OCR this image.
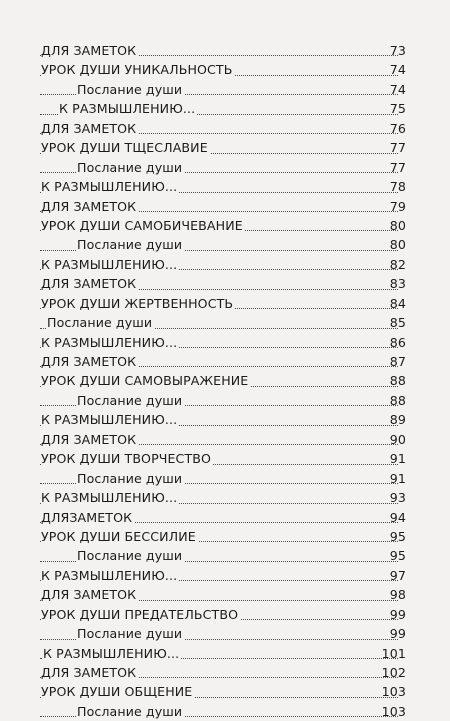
ДЛЯ ЗАМЕТОК	73
УРОК ДУШИ УНИКАЛЬНОСТЬ	74
Послание души	74
К РАЗМЫШЛЕНИЮ...	75
ДЛЯ ЗАМЕТОК	76
УРОК ДУШИ ТЩЕСЛАВИЕ	77
Послание души	77
К РАЗМЫШЛЕНИЮ...	78
ДЛЯ ЗАМЕТОК	79
УРОК ДУШИ САМОБИЧЕВАНИЕ	80
Послание души	80
К РАЗМЫШЛЕНИЮ...	82
ДЛЯ ЗАМЕТОК	83
УРОК ДУШИ ЖЕРТВЕННОСТЬ	84
Послание души	85
К РАЗМЫШЛЕНИЮ...	86
ДЛЯ ЗАМЕТОК	87
УРОК ДУШИ САМОВЫРАЖЕНИЕ	88
Послание души	88
К РАЗМЫШЛЕНИЮ...	89
ДЛЯ ЗАМЕТОК	90
УРОК ДУШИ ТВОРЧЕСТВО	91
Послание души	91
К РАЗМЫШЛЕНИЮ...	93
ДЛЯЗАМЕТОК	94
УРОК ДУШИ БЕССИЛИЕ	95
Послание души	95
К РАЗМЫШЛЕНИЮ...	97
ДЛЯ ЗАМЕТОК	98
УРОК ДУШИ ПРЕДАТЕЛЬСТВО	99
Послание души	99
К РАЗМЫШЛЕНИЮ...	101
ДЛЯ ЗАМЕТОК	102
УРОК ДУШИ ОБЩЕНИЕ	103
Послание души	103
